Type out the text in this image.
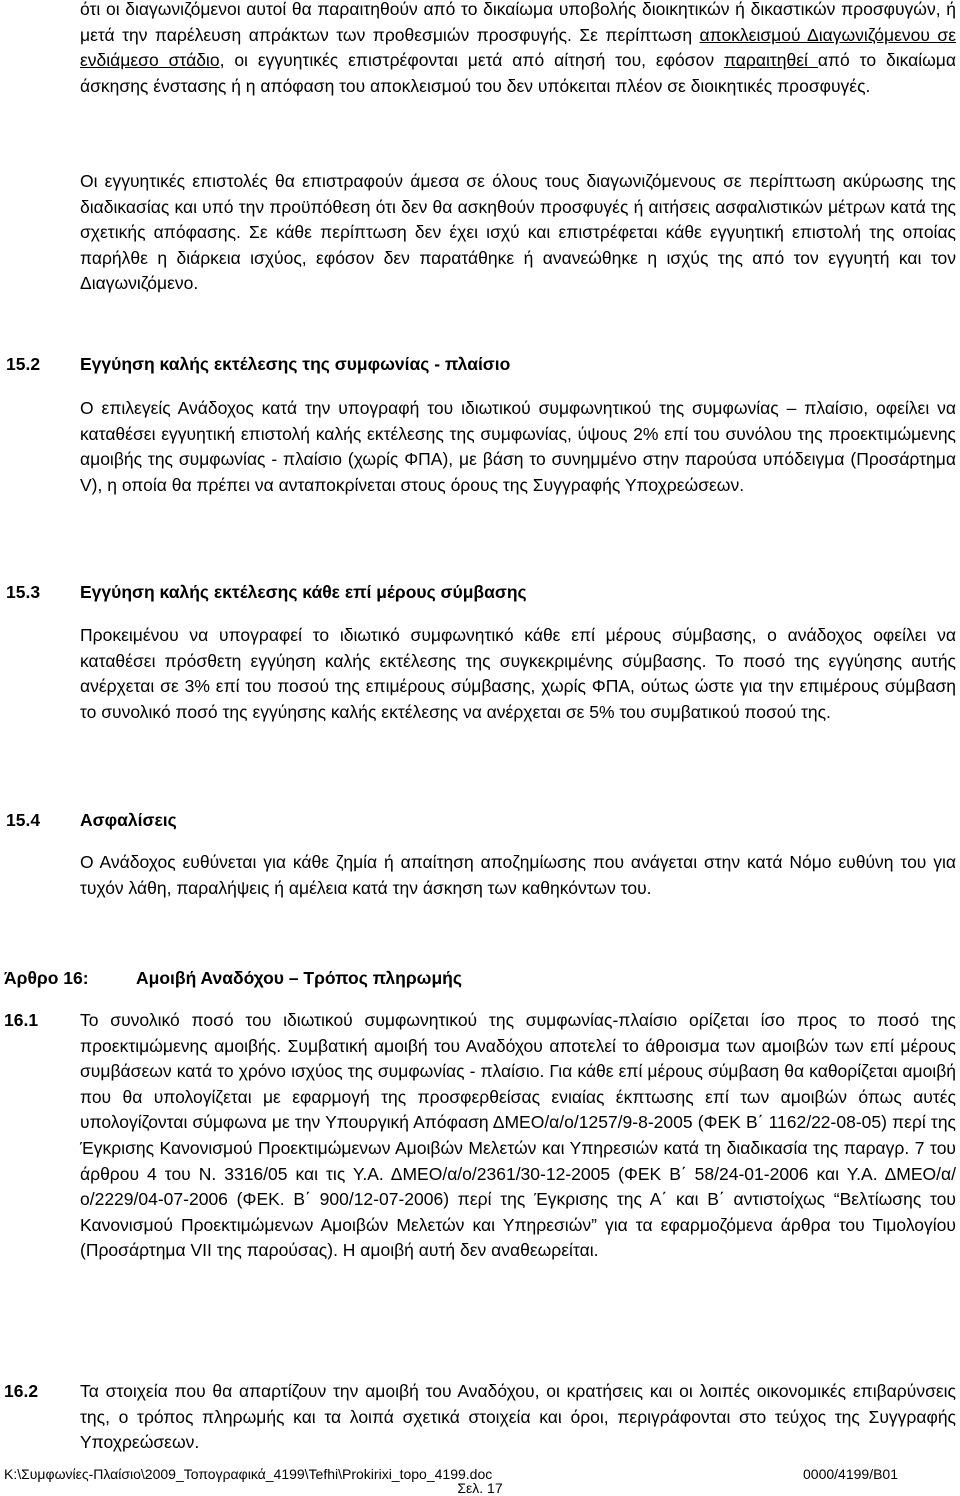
ότι οι διαγωνιζόμενοι αυτοί θα παραιτηθούν από το δικαίωμα υποβολής διοικητικών ή δικαστικών προσφυγών, ή μετά την παρέλευση απράκτων των προθεσμιών προσφυγής. Σε περίπτωση αποκλεισμού Διαγωνιζόμενου σε ενδιάμεσο στάδιο, οι εγγυητικές επιστρέφονται μετά από αίτησή του, εφόσον παραιτηθεί από το δικαίωμα άσκησης ένστασης ή η απόφαση του αποκλεισμού του δεν υπόκειται πλέον σε διοικητικές προσφυγές.

Οι εγγυητικές επιστολές θα επιστραφούν άμεσα σε όλους τους διαγωνιζόμενους σε περίπτωση ακύρωσης της διαδικασίας και υπό την προϋπόθεση ότι δεν θα ασκηθούν προσφυγές ή αιτήσεις ασφαλιστικών μέτρων κατά της σχετικής απόφασης. Σε κάθε περίπτωση δεν έχει ισχύ και επιστρέφεται κάθε εγγυητική επιστολή της οποίας παρήλθε η διάρκεια ισχύος, εφόσον δεν παρατάθηκε ή ανανεώθηκε η ισχύς της από τον εγγυητή και τον Διαγωνιζόμενο.

15.2 Εγγύηση καλής εκτέλεσης της συμφωνίας - πλαίσιο

Ο επιλεγείς Ανάδοχος κατά την υπογραφή του ιδιωτικού συμφωνητικού της συμφωνίας – πλαίσιο, οφείλει να καταθέσει εγγυητική επιστολή καλής εκτέλεσης της συμφωνίας, ύψους 2% επί του συνόλου της προεκτιμώμενης αμοιβής της συμφωνίας - πλαίσιο (χωρίς ΦΠΑ), με βάση το συνημμένο στην παρούσα υπόδειγμα (Προσάρτημα V), η οποία θα πρέπει να ανταποκρίνεται στους όρους της Συγγραφής Υποχρεώσεων.

15.3 Εγγύηση καλής εκτέλεσης κάθε επί μέρους σύμβασης

Προκειμένου να υπογραφεί το ιδιωτικό συμφωνητικό κάθε επί μέρους σύμβασης, ο ανάδοχος οφείλει να καταθέσει πρόσθετη εγγύηση καλής εκτέλεσης της συγκεκριμένης σύμβασης. Το ποσό της εγγύησης αυτής ανέρχεται σε 3% επί του ποσού της επιμέρους σύμβασης, χωρίς ΦΠΑ, ούτως ώστε για την επιμέρους σύμβαση το συνολικό ποσό της εγγύησης καλής εκτέλεσης να ανέρχεται σε 5% του συμβατικού ποσού της.

15.4 Ασφαλίσεις

Ο Ανάδοχος ευθύνεται για κάθε ζημία ή απαίτηση αποζημίωσης που ανάγεται στην κατά Νόμο ευθύνη του για τυχόν λάθη, παραλήψεις ή αμέλεια κατά την άσκηση των καθηκόντων του.

Άρθρο 16:	Αμοιβή Αναδόχου – Τρόπος πληρωμής
16.1 Το συνολικό ποσό του ιδιωτικού συμφωνητικού της συμφωνίας-πλαίσιο ορίζεται ίσο προς το ποσό της προεκτιμώμενης αμοιβής. Συμβατική αμοιβή του Αναδόχου αποτελεί το άθροισμα των αμοιβών των επί μέρους συμβάσεων κατά το χρόνο ισχύος της συμφωνίας - πλαίσιο. Για κάθε επί μέρους σύμβαση θα καθορίζεται αμοιβή που θα υπολογίζεται με εφαρμογή της προσφερθείσας ενιαίας έκπτωσης επί των αμοιβών όπως αυτές υπολογίζονται σύμφωνα με την Υπουργική Απόφαση ΔΜΕΟ/α/ο/1257/9-8-2005 (ΦΕΚ Β΄ 1162/22-08-05) περί της Έγκρισης Κανονισμού Προεκτιμώμενων Αμοιβών Μελετών και Υπηρεσιών κατά τη διαδικασία της παραγρ. 7 του άρθρου 4 του Ν. 3316/05 και τις Υ.Α. ΔΜΕΟ/α/ο/2361/30-12-2005 (ΦΕΚ Β΄ 58/24-01-2006 και Υ.Α. ΔΜΕΟ/α/ο/2229/04-07-2006 (ΦΕΚ. Β΄ 900/12-07-2006) περί της Έγκρισης της Α΄ και Β΄ αντιστοίχως “Βελτίωσης του Κανονισμού Προεκτιμώμενων Αμοιβών Μελετών και Υπηρεσιών” για τα εφαρμοζόμενα άρθρα του Τιμολογίου (Προσάρτημα VII της παρούσας). Η αμοιβή αυτή δεν αναθεωρείται.

16.2 Τα στοιχεία που θα απαρτίζουν την αμοιβή του Αναδόχου, οι κρατήσεις και οι λοιπές οικονομικές επιβαρύνσεις της, ο τρόπος πληρωμής και τα λοιπά σχετικά στοιχεία και όροι, περιγράφονται στο τεύχος της Συγγραφής Υποχρεώσεων.

K:\Συμφωνίες-Πλαίσιο\2009_Τοπογραφικά_4199\Tefhi\Prokirixi_topo_4199.doc	0000/4199/B01
Σελ. 17
